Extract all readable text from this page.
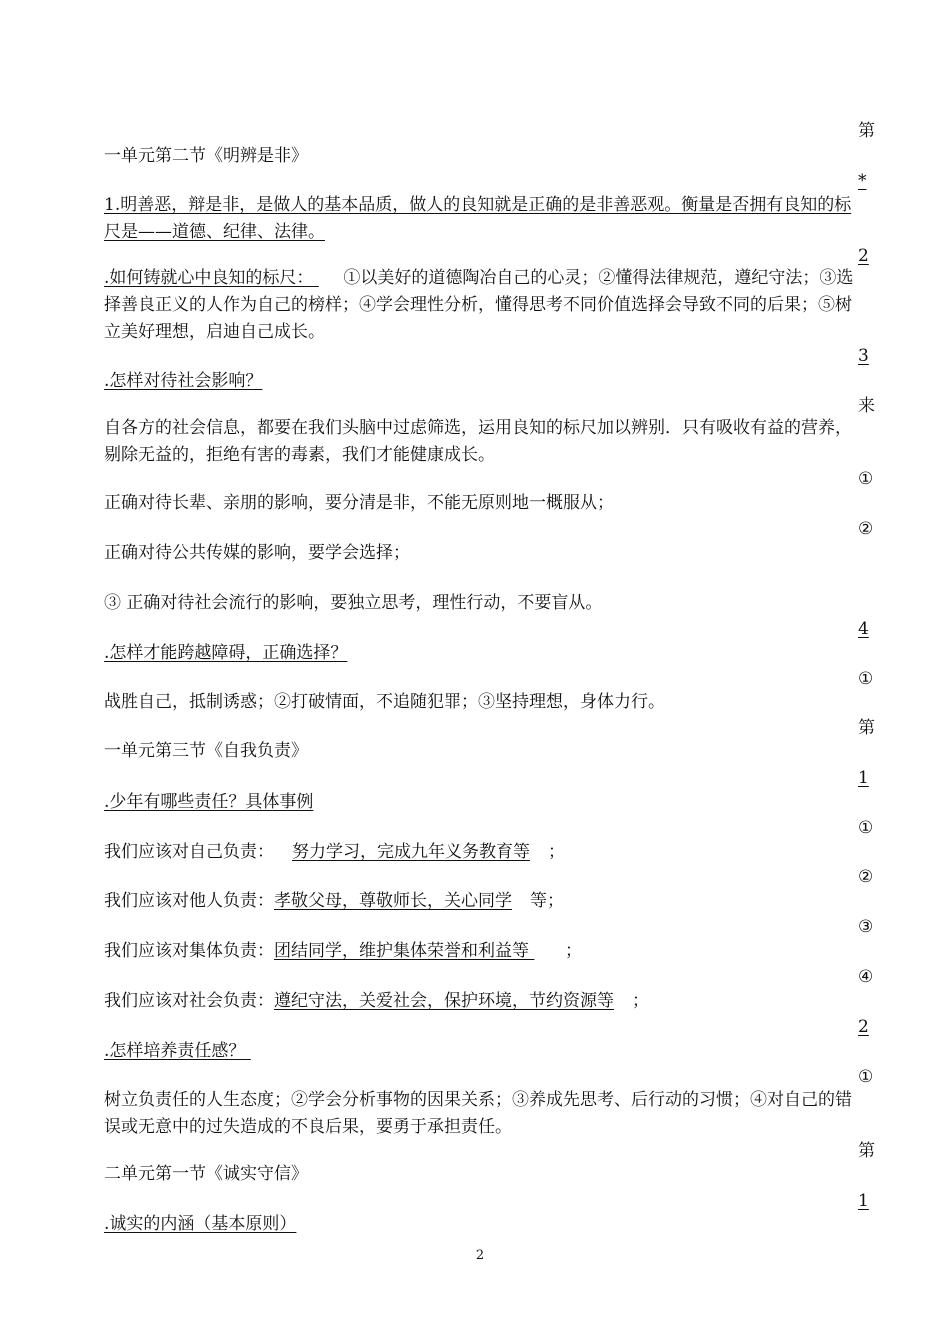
一单元第二节《明辨是非》

1.明善恶，辩是非，是做人的基本品质，做人的良知就是正确的是非善恶观。衡量是否拥有良知的标尺是——道德、纪律、法律。

.如何铸就心中良知的标尺： ①以美好的道德陶冶自己的心灵；②懂得法律规范，遵纪守法；③选择善良正义的人作为自己的榜样；④学会理性分析，懂得思考不同价值选择会导致不同的后果；⑤树立美好理想，启迪自己成长。

.怎样对待社会影响？

自各方的社会信息，都要在我们头脑中过虑筛选，运用良知的标尺加以辨别．只有吸收有益的营养，剔除无益的，拒绝有害的毒素，我们才能健康成长。

正确对待长辈、亲朋的影响，要分清是非，不能无原则地一概服从；

正确对待公共传媒的影响，要学会选择；

③ 正确对待社会流行的影响，要独立思考，理性行动，不要盲从。

.怎样才能跨越障碍，正确选择？

战胜自己，抵制诱惑；②打破情面，不追随犯罪；③坚持理想，身体力行。

一单元第三节《自我负责》

.少年有哪些责任？具体事例

我们应该对自己负责： 努力学习，完成九年义务教育等 ；

我们应该对他人负责：孝敬父母，尊敬师长，关心同学 等；

我们应该对集体负责：团结同学，维护集体荣誉和利益等 ；

我们应该对社会负责：遵纪守法，关爱社会，保护环境，节约资源等 ；

.怎样培养责任感？

树立负责任的人生态度；②学会分析事物的因果关系；③养成先思考、后行动的习惯；④对自己的错误或无意中的过失造成的不良后果，要勇于承担责任。

二单元第一节《诚实守信》

.诚实的内涵（基本原则）

第
*
2
3
来
①
②
4
①
第
1
①
②
③
④
2
①
第
1
2
